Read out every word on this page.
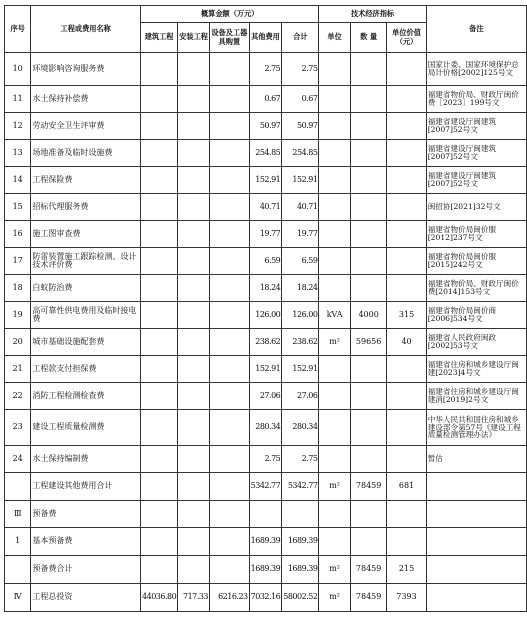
序号	工程或费用名称	概算金额（万元）					技术经济指标			备注
		建筑工程	安装工程	设备及工器具购置	其他费用	合计	单位	数 量	单位价值（元）	
10	环境影响咨询服务费				2.75	2.75				国家计委、国家环境保护总局计价格[2002]125号文
11	水土保持补偿费				0.67	0.67				福建省物价局、财政厅闽价费［2023］199号文
12	劳动安全卫生评审费				50.97	50.97				福建省建设厅闽建筑[2007]52号文
13	场地准备及临时设施费				254.85	254.85				福建省建设厅闽建筑[2007]52号文
14	工程保险费				152.91	152.91				福建省建设厅闽建筑[2007]52号文
15	招标代理服务费				40.71	40.71				闽招协[2021]32号文
16	施工图审查费				19.77	19.77				福建省物价局闽价服[2012]237号文
17	防雷装置施工跟踪检测、设计技术评价费				6.59	6.59				福建省物价局闽价服[2015]242号文
18	白蚁防治费				18.24	18.24				福建省物价局、财政厅闽价费[2014]153号文
19	高可靠性供电费用及临时接电费				126.00	126.00	kVA	4000	315	福建省物价局闽价商[2006]534号文
20	城市基础设施配套费				238.62	238.62	m²	59656	40	福建省人民政府闽政[2002]53号文
21	工程款支付担保费				152.91	152.91				福建省住房和城乡建设厅闽建[2023]4号文
22	消防工程检测检查费				27.06	27.06				福建省住房和城乡建设厅闽建消[2019]2号文
23	建设工程质量检测费				280.34	280.34				中华人民共和国住房和城乡建设部令第57号《建设工程质量检测管理办法》
24	水土保持编制费				2.75	2.75				暂估
	工程建设其他费用合计				5342.77	5342.77	m²	78459	681	
Ⅲ	预备费									
1	基本预备费				1689.39	1689.39				
	预备费合计				1689.39	1689.39	m²	78459	215	
Ⅳ	工程总投资	44036.80	717.33	6216.23	7032.16	58002.52	m²	78459	7393	
